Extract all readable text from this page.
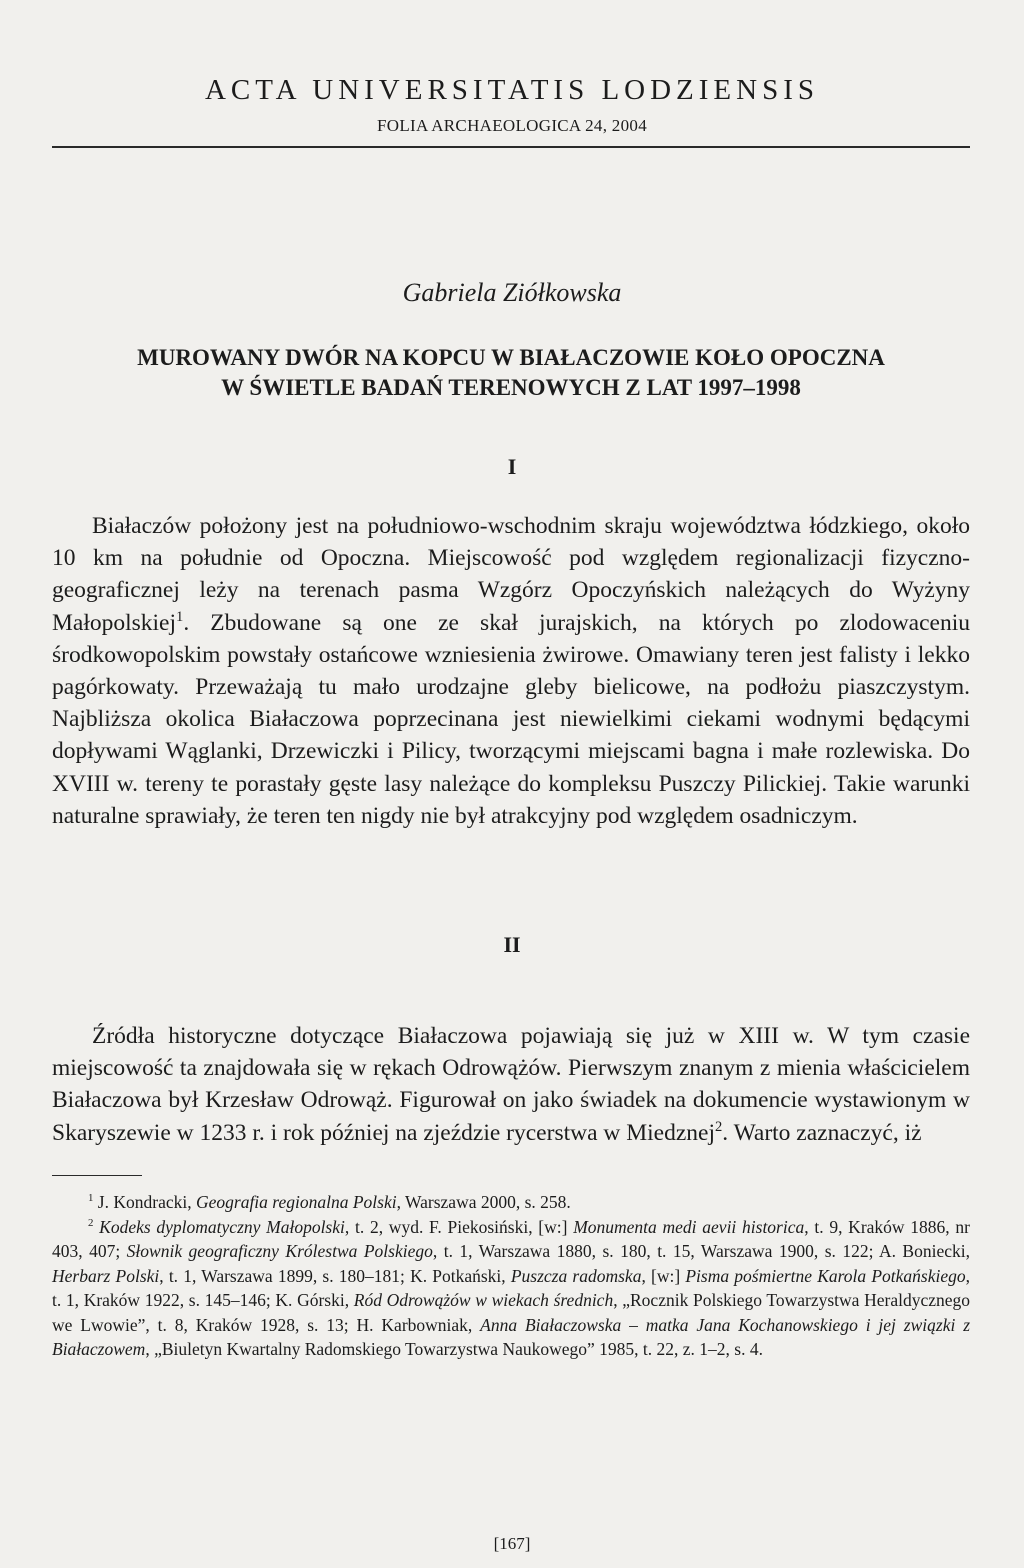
ACTA UNIVERSITATIS LODZIENSIS
FOLIA ARCHAEOLOGICA 24, 2004
Gabriela Ziółkowska
MUROWANY DWÓR NA KOPCU W BIAŁACZOWIE KOŁO OPOCZNA
W ŚWIETLE BADAŃ TERENOWYCH Z LAT 1997–1998
I

Białaczów położony jest na południowo-wschodnim skraju województwa łódzkiego, około 10 km na południe od Opoczna. Miejscowość pod względem regionalizacji fizyczno-geograficznej leży na terenach pasma Wzgórz Opoczyńskich należących do Wyżyny Małopolskiej$^1$. Zbudowane są one ze skał jurajskich, na których po zlodowaceniu środkowopolskim powstały ostańcowe wzniesienia żwirowe. Omawiany teren jest falisty i lekko pagórkowaty. Przeważają tu mało urodzajne gleby bielicowe, na podłożu piaszczystym. Najbliższa okolica Białaczowa poprzecinana jest niewielkimi ciekami wodnymi będącymi dopływami Wąglanki, Drzewiczki i Pilicy, tworzącymi miejscami bagna i małe rozlewiska. Do XVIII w. tereny te porastały gęste lasy należące do kompleksu Puszczy Pilickiej. Takie warunki naturalne sprawiały, że teren ten nigdy nie był atrakcyjny pod względem osadniczym.

II

Źródła historyczne dotyczące Białaczowa pojawiają się już w XIII w. W tym czasie miejscowość ta znajdowała się w rękach Odrowążów. Pierwszym znanym z mienia właścicielem Białaczowa był Krzesław Odrowąż. Figurował on jako świadek na dokumencie wystawionym w Skaryszewie w 1233 r. i rok później na zjeździe rycerstwa w Miedznej$^2$. Warto zaznaczyć, iż

$^1$ J. Kondracki, Geografia regionalna Polski, Warszawa 2000, s. 258.

$^2$ Kodeks dyplomatyczny Małopolski, t. 2, wyd. F. Piekosiński, [w:] Monumenta medi aevii historica, t. 9, Kraków 1886, nr 403, 407; Słownik geograficzny Królestwa Polskiego, t. 1, Warszawa 1880, s. 180, t. 15, Warszawa 1900, s. 122; A. Boniecki, Herbarz Polski, t. 1, Warszawa 1899, s. 180–181; K. Potkański, Puszcza radomska, [w:] Pisma pośmiertne Karola Potkańskiego, t. 1, Kraków 1922, s. 145–146; K. Górski, Ród Odrowążów w wiekach średnich, „Rocznik Polskiego Towarzystwa Heraldycznego we Lwowie”, t. 8, Kraków 1928, s. 13; H. Karbowniak, Anna Białaczowska – matka Jana Kochanowskiego i jej związki z Białaczowem, „Biuletyn Kwartalny Radomskiego Towarzystwa Naukowego” 1985, t. 22, z. 1–2, s. 4.

[167]
